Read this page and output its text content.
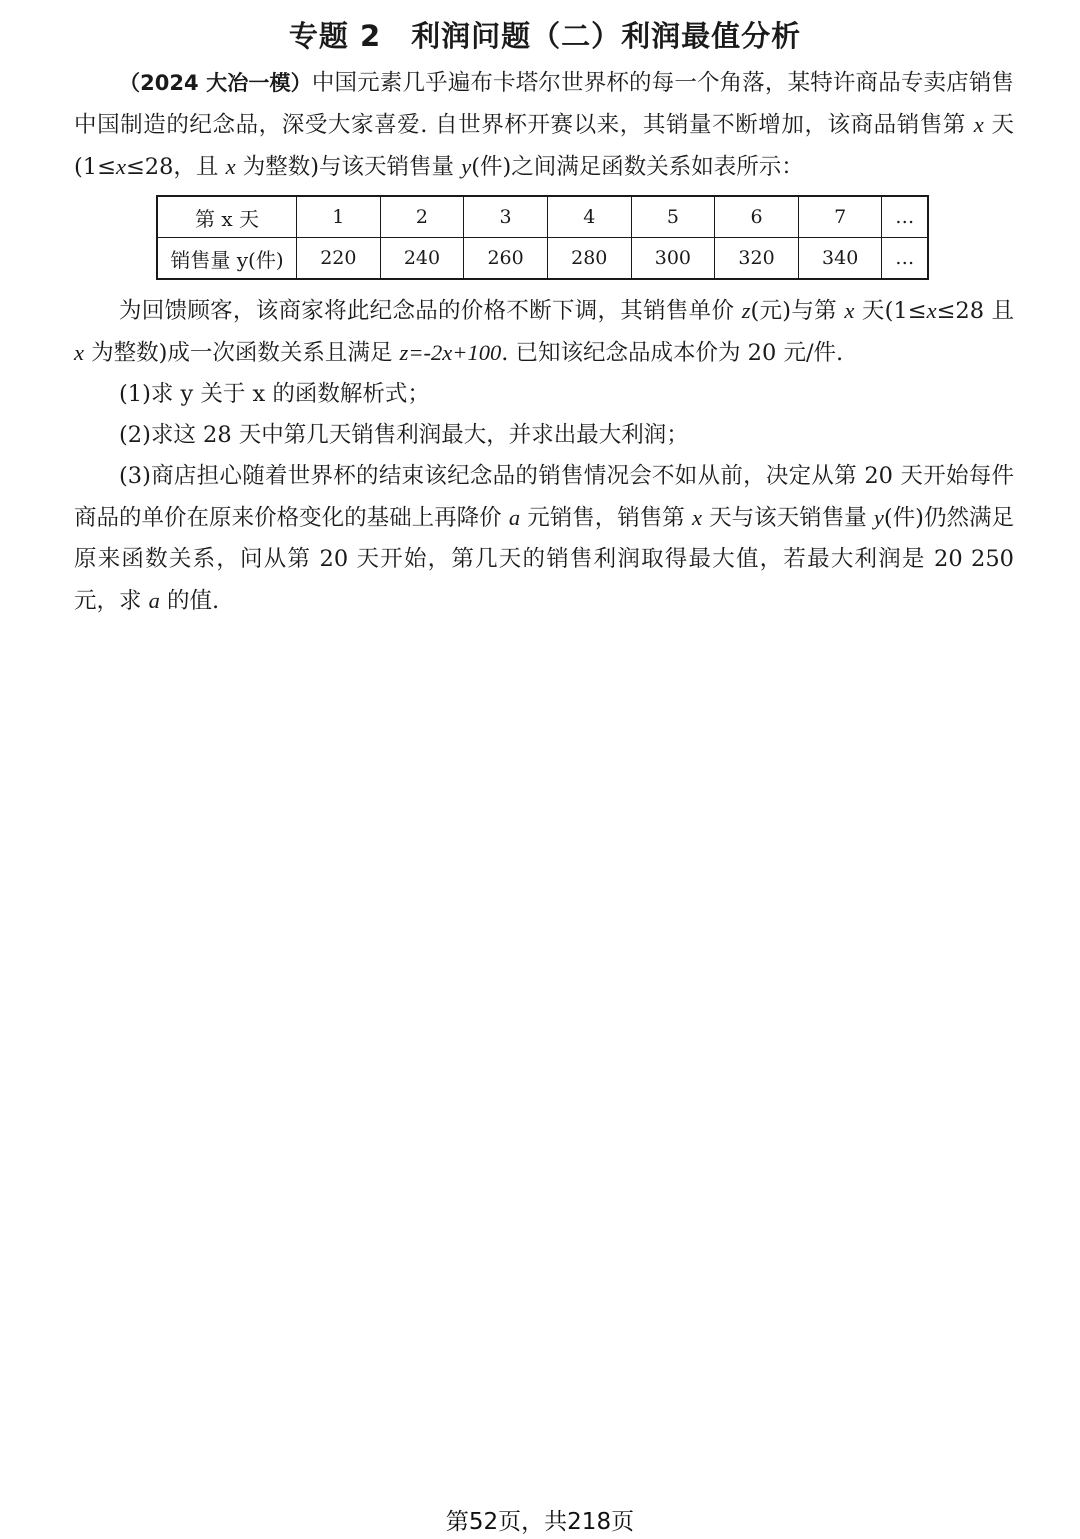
专题 2　利润问题（二）利润最值分析

（2024 大冶一模）中国元素几乎遍布卡塔尔世界杯的每一个角落，某特许商品专卖店销售中国制造的纪念品，深受大家喜爱. 自世界杯开赛以来，其销量不断增加，该商品销售第 x 天(1≤x≤28，且 x 为整数)与该天销售量 y(件)之间满足函数关系如表所示：

第 x 天	1	2	3	4	5	6	7	…
销售量 y(件)	220	240	260	280	300	320	340	…

为回馈顾客，该商家将此纪念品的价格不断下调，其销售单价 z(元)与第 x 天(1≤x≤28 且 x 为整数)成一次函数关系且满足 z=-2x+100. 已知该纪念品成本价为 20 元/件.

(1)求 y 关于 x 的函数解析式；

(2)求这 28 天中第几天销售利润最大，并求出最大利润；

(3)商店担心随着世界杯的结束该纪念品的销售情况会不如从前，决定从第 20 天开始每件商品的单价在原来价格变化的基础上再降价 a 元销售，销售第 x 天与该天销售量 y(件)仍然满足原来函数关系，问从第 20 天开始，第几天的销售利润取得最大值，若最大利润是 20 250 元，求 a 的值.

第52页，共218页
